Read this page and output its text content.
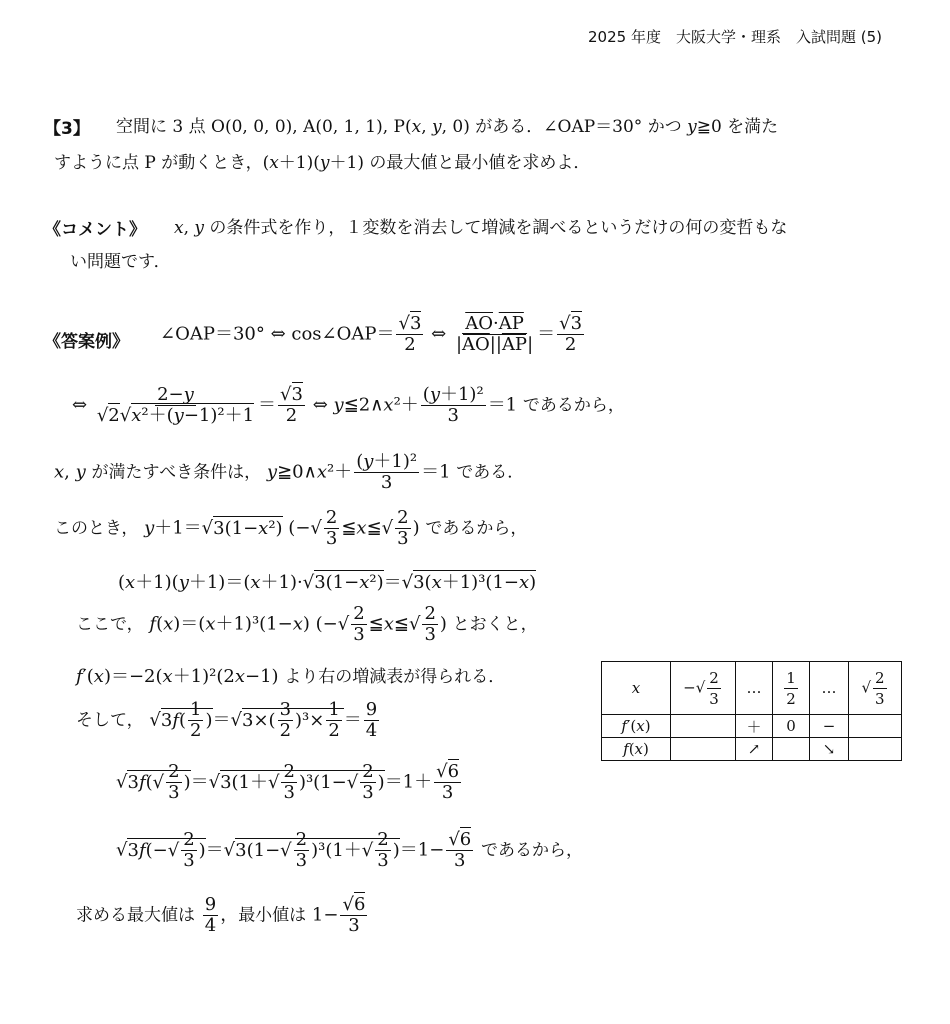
2025 年度　大阪大学・理系　入試問題 (5)
【3】 空間に 3 点 O(0, 0, 0), A(0, 1, 1), P(x, y, 0) がある．∠OAP＝30° かつ y≧0 を満た
すように点 P が動くとき，(x＋1)(y＋1) の最大値と最小値を求めよ．
《コメント》 x, y の条件式を作り，１変数を消去して増減を調べるというだけの何の変哲もな
い問題です．
《答案例》 ∠OAP＝30° ⇔ cos∠OAP＝ $\frac{√3}{2}$ ⇔ $\frac{\overline{AO}\cdot\overline{AP}}{|\overline{AO}||\overline{AP}|} = \frac{√3}{2}$
⇔ $\frac{2-y}{\text{√2√x²＋(y−1)²＋1}} = \frac{√3}{2}$ ⇔ y≦2∧x²＋ $\frac{\text{(y＋1)²}}{3} =1$ であるから，
x, y が満たすべき条件は， y≧0∧x²＋ $\frac{\text{(y＋1)²}}{3} =1$ である．
このとき， y＋1＝√3(1−x²) (−√ $\frac{2}{3}$ ≦x≦√ $\frac{2}{3}$ ) であるから，
(x＋1)(y＋1)＝(x＋1)·√3(1−x²)＝√3(x＋1)³(1−x)
ここで， f(x)＝(x＋1)³(1−x) (−√ $\frac{2}{3}$ ≦x≦√ $\frac{2}{3}$ ) とおくと，
f′(x)＝−2(x＋1)²(2x−1) より右の増減表が得られる．
そして， $√3f( \frac{1}{2} )=√3\times( \frac{3}{2} )^3\times \frac{1}{2} = \frac{9}{4}$
$√3f(√ \frac{2}{3} )=√3(1+√ \frac{2}{3} )^3(1-√ \frac{2}{3} )=1+ \frac{√6}{3}$
$√3f(-√ \frac{2}{3} )=√3(1-√ \frac{2}{3} )^3(1+√ \frac{2}{3} )=1- \frac{√6}{3}$ であるから，
求める最大値は $\frac{9}{4}$ ，最小値は $1- \frac{√6}{3}$
x	−√ $\frac{2}{3}$	…	$\frac{1}{2}$	…	√ $\frac{2}{3}$

f′(x)		＋	0	−	
f(x)		↗		↘	
